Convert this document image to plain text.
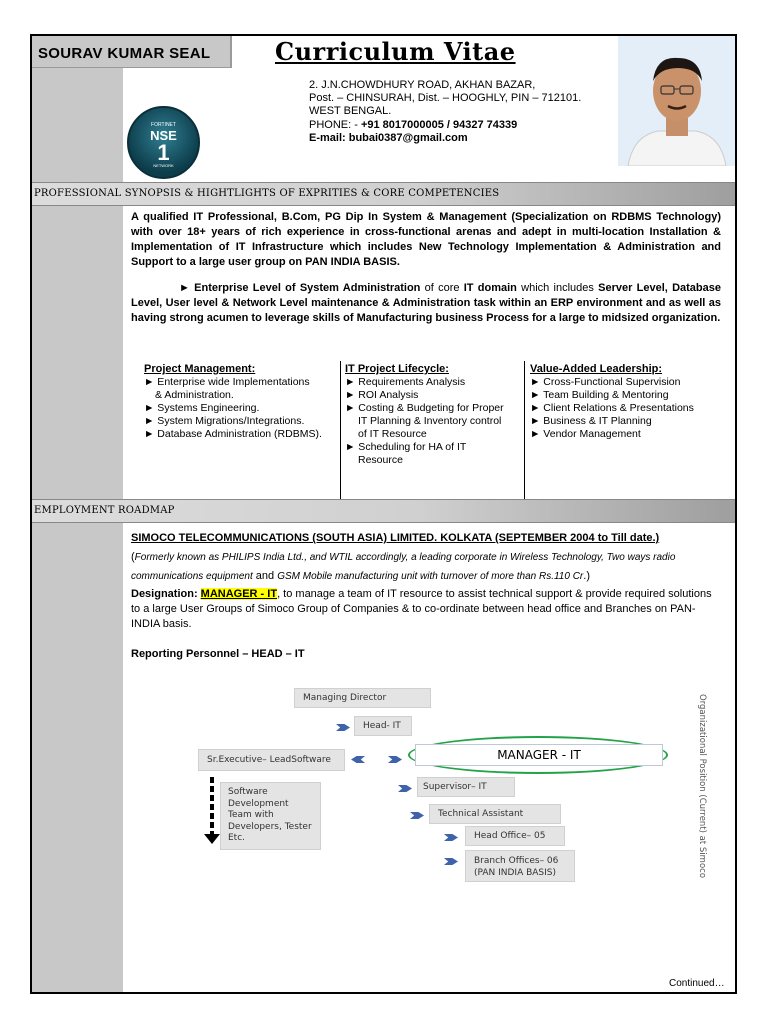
SOURAV KUMAR SEAL	Curriculum Vitae
2. J.N.CHOWDHURY ROAD, AKHAN BAZAR,
Post. – CHINSURAH, Dist. – HOOGHLY, PIN – 712101.
WEST BENGAL.
PHONE: - +91 8017000005 / 94327 74339
E-mail: bubai0387@gmail.com
FORTINET
NSE
1
NETWORK
PROFESSIONAL SYNOPSIS & HIGHTLIGHTS OF EXPRITIES & CORE COMPETENCIES
A qualified IT Professional, B.Com, PG Dip In System & Management (Specialization on RDBMS Technology) with over 18+ years of rich experience in cross-functional arenas and adept in multi-location Installation & Implementation of IT Infrastructure which includes New Technology Implementation & Administration and Support to a large user group on PAN INDIA BASIS.
► Enterprise Level of System Administration of core IT domain which includes Server Level, Database Level, User level & Network Level maintenance & Administration task within an ERP environment and as well as having strong acumen to leverage skills of Manufacturing business Process for a large to midsized organization.
Project Management:
► Enterprise wide Implementations
& Administration.
► Systems Engineering.
► System Migrations/Integrations.
► Database Administration (RDBMS).
IT Project Lifecycle:
► Requirements Analysis
► ROI Analysis
► Costing & Budgeting for Proper
IT Planning & Inventory control
of IT Resource
► Scheduling for HA of IT
Resource
Value-Added Leadership:
► Cross-Functional Supervision
► Team Building & Mentoring
► Client Relations & Presentations
► Business & IT Planning
► Vendor Management
EMPLOYMENT ROADMAP
SIMOCO TELECOMMUNICATIONS (SOUTH ASIA) LIMITED. KOLKATA (SEPTEMBER 2004 to Till date.)
(Formerly known as PHILIPS India Ltd., and WTIL accordingly, a leading corporate in Wireless Technology, Two ways radio communications equipment and GSM Mobile manufacturing unit with turnover of more than Rs.110 Cr.)
Designation: MANAGER - IT, to manage a team of IT resource to assist technical support & provide required solutions to a large User Groups of Simoco Group of Companies & to co-ordinate between head office and Branches on PAN-INDIA basis.
Reporting Personnel – HEAD – IT
Managing Director
Head- IT
Sr.Executive– LeadSoftware	MANAGER - IT
Supervisor– IT
Technical Assistant
Head Office– 05
Branch Offices– 06
(PAN INDIA BASIS)
Software
Development
Team with
Developers, Tester
Etc.	Organizational Position (Current) at Simoco
Continued…
